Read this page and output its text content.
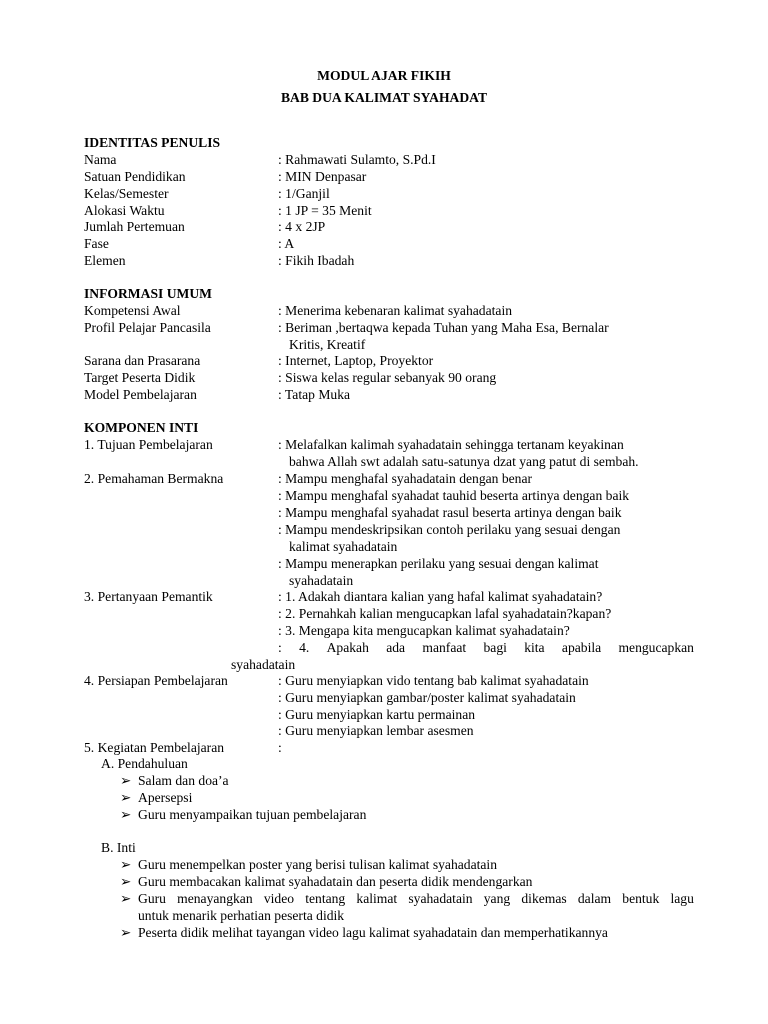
MODUL AJAR FIKIH
BAB DUA KALIMAT SYAHADAT
IDENTITAS PENULIS
Nama	: Rahmawati Sulamto, S.Pd.I
Satuan Pendidikan	: MIN Denpasar
Kelas/Semester	: 1/Ganjil
Alokasi Waktu	: 1 JP = 35 Menit
Jumlah Pertemuan	: 4 x 2JP
Fase	: A
Elemen	: Fikih Ibadah
INFORMASI UMUM
Kompetensi Awal	: Menerima kebenaran kalimat syahadatain
Profil Pelajar Pancasila	: Beriman ,bertaqwa kepada Tuhan yang Maha Esa, Bernalar
Kritis, Kreatif
Sarana dan Prasarana	: Internet, Laptop, Proyektor
Target Peserta Didik	: Siswa kelas regular sebanyak 90 orang
Model Pembelajaran	: Tatap Muka
KOMPONEN INTI
1. Tujuan Pembelajaran	: Melafalkan kalimah syahadatain sehingga tertanam keyakinan
bahwa Allah swt adalah satu-satunya dzat yang patut di sembah.
2. Pemahaman Bermakna	: Mampu menghafal syahadatain dengan benar
: Mampu menghafal syahadat tauhid beserta artinya dengan baik
: Mampu menghafal syahadat rasul beserta artinya dengan baik
: Mampu mendeskripsikan contoh perilaku yang sesuai dengan
kalimat syahadatain
: Mampu menerapkan perilaku yang sesuai dengan kalimat
syahadatain
3. Pertanyaan Pemantik	: 1. Adakah diantara kalian yang hafal kalimat syahadatain?
: 2. Pernahkah kalian mengucapkan lafal syahadatain?kapan?
: 3. Mengapa kita mengucapkan kalimat syahadatain?
: 4. Apakah ada manfaat bagi kita apabila mengucapkan
syahadatain
4. Persiapan Pembelajaran	: Guru menyiapkan vido tentang bab kalimat syahadatain
: Guru menyiapkan gambar/poster kalimat syahadatain
: Guru menyiapkan kartu permainan
: Guru menyiapkan lembar asesmen
5. Kegiatan Pembelajaran	:
A. Pendahuluan
➢ Salam dan doa’a
➢ Apersepsi
➢ Guru menyampaikan tujuan pembelajaran
B. Inti
➢ Guru menempelkan poster yang berisi tulisan kalimat syahadatain
➢ Guru membacakan kalimat syahadatain dan peserta didik mendengarkan
➢ Guru menayangkan video tentang kalimat syahadatain yang dikemas dalam bentuk lagu
untuk menarik perhatian peserta didik
➢ Peserta didik melihat tayangan video lagu kalimat syahadatain dan memperhatikannya
